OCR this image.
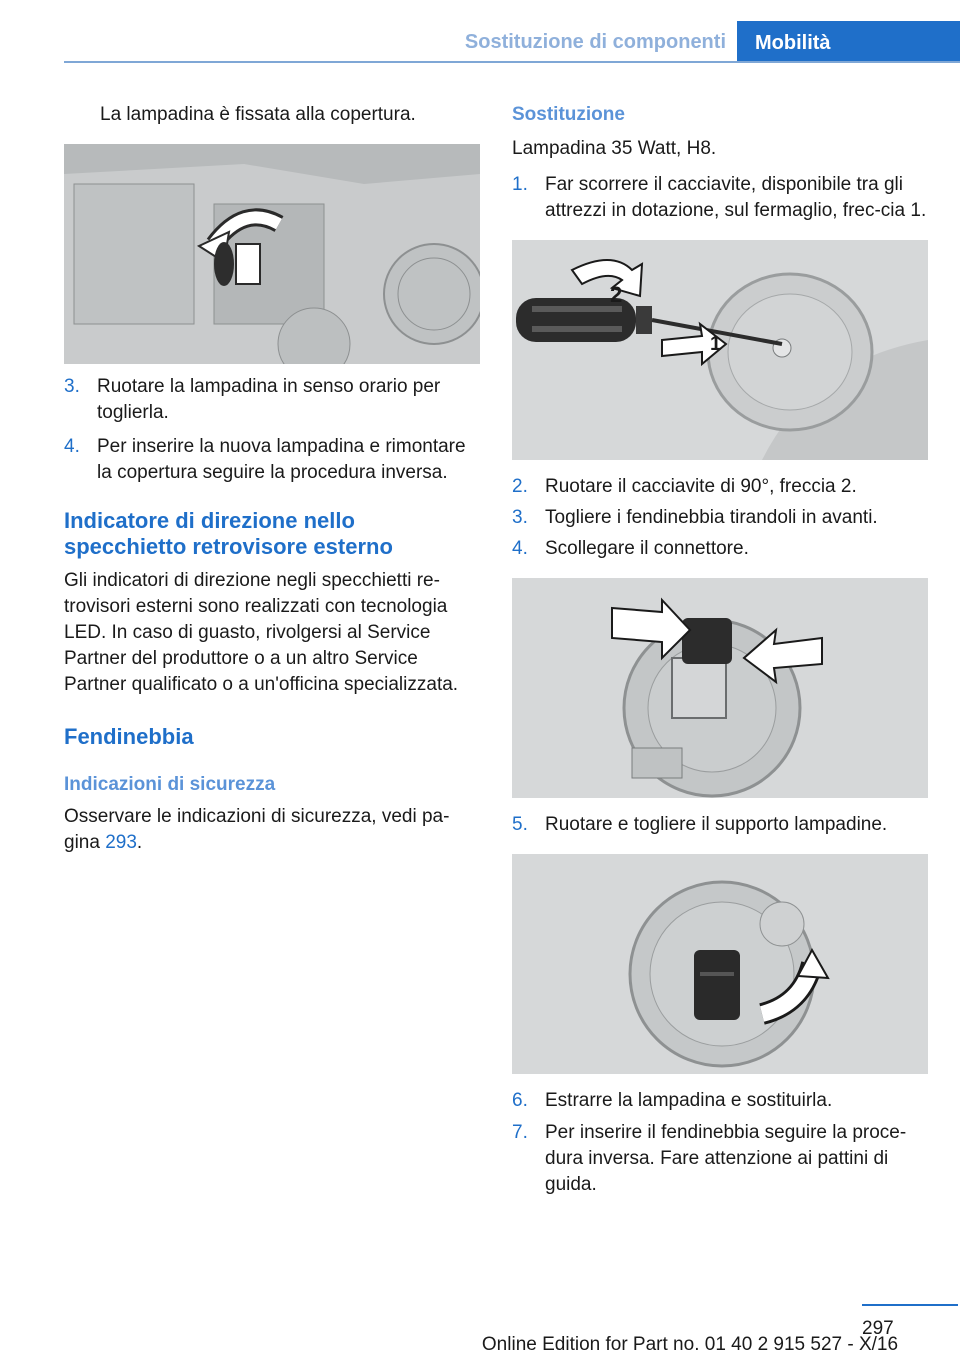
Sostituzione di componenti	Mobilità
La lampadina è fissata alla copertura.
3. Ruotare la lampadina in senso orario per toglierla.
4. Per inserire la nuova lampadina e rimontare la copertura seguire la procedura inversa.
Indicatore di direzione nello specchietto retrovisore esterno
Gli indicatori di direzione negli specchietti re‐trovisori esterni sono realizzati con tecnologia LED. In caso di guasto, rivolgersi al Service Partner del produttore o a un altro Service Partner qualificato o a un'officina specializzata.
Fendinebbia
Indicazioni di sicurezza
Osservare le indicazioni di sicurezza, vedi pa‐gina 293.
Sostituzione
Lampadina 35 Watt, H8.
1. Far scorrere il cacciavite, disponibile tra gli attrezzi in dotazione, sul fermaglio, frec‐cia 1.
2
1
2. Ruotare il cacciavite di 90°, freccia 2.
3. Togliere i fendinebbia tirandoli in avanti.
4. Scollegare il connettore.
5. Ruotare e togliere il supporto lampadine.
6. Estrarre la lampadina e sostituirla.
7. Per inserire il fendinebbia seguire la proce‐dura inversa. Fare attenzione ai pattini di guida.
297
Online Edition for Part no. 01 40 2 915 527 - X/16
